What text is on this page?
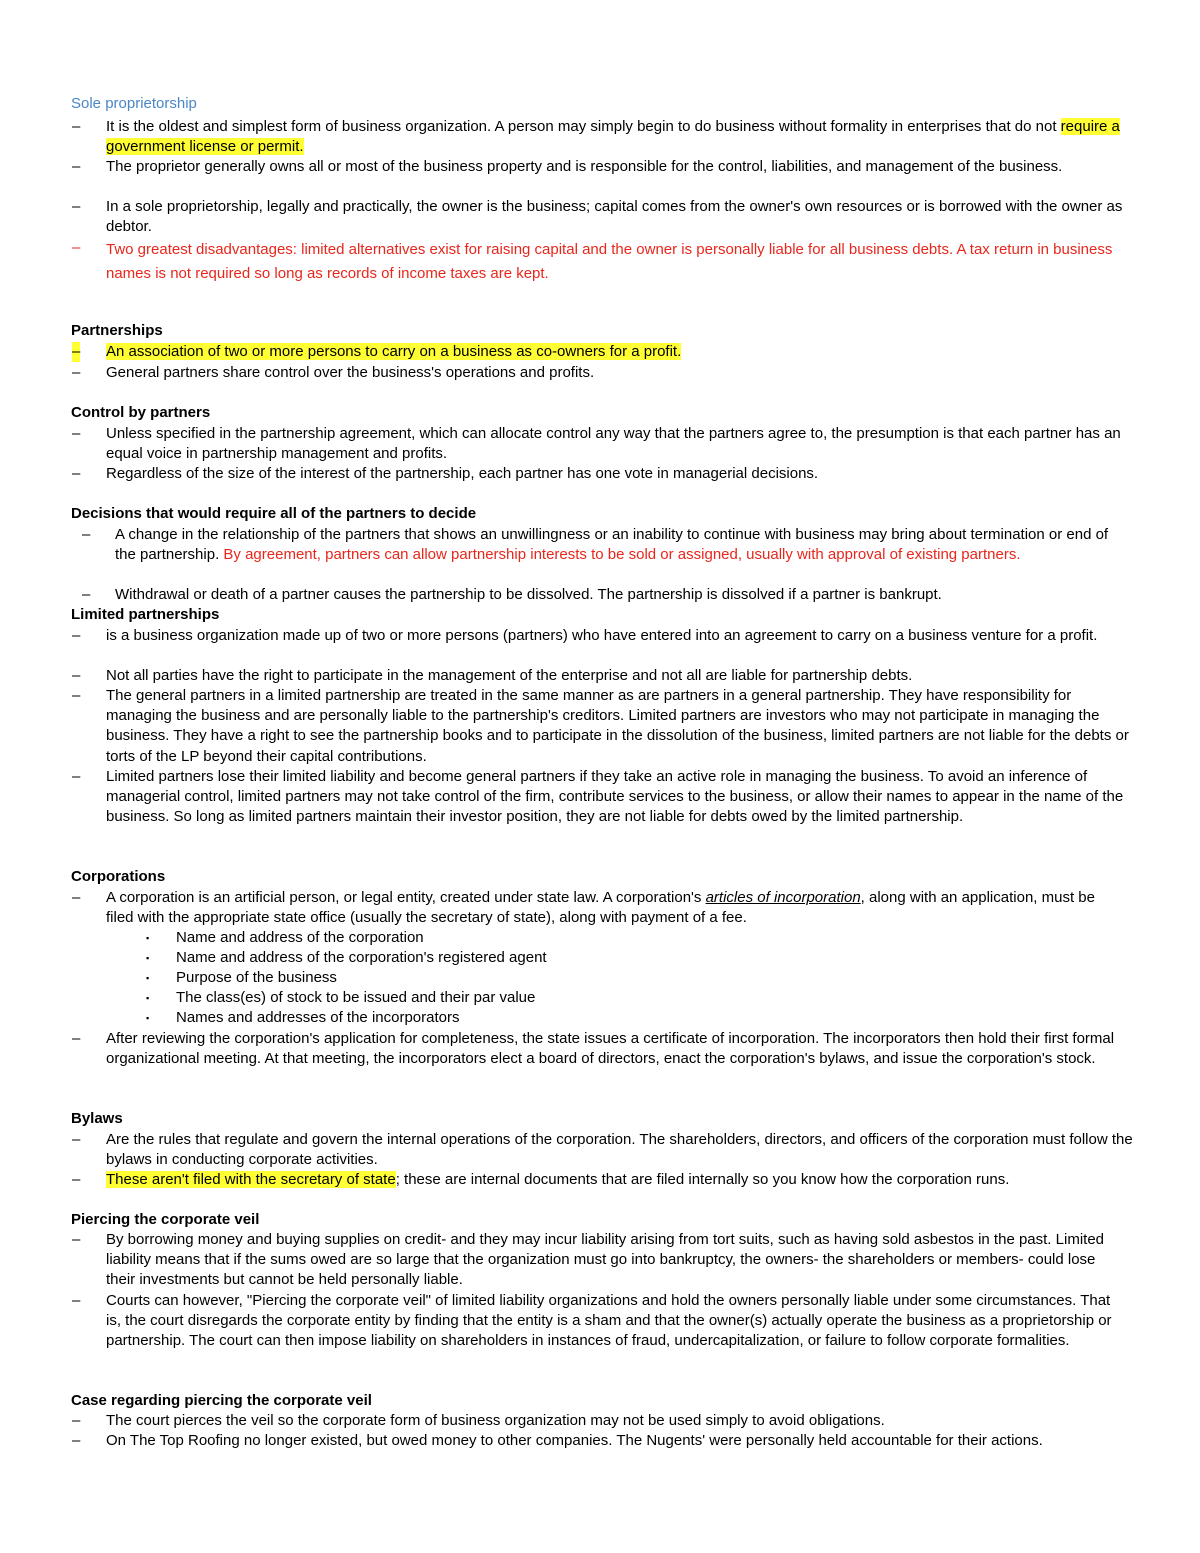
Sole proprietorship
– It is the oldest and simplest form of business organization. A person may simply begin to do business without formality in enterprises that do not require a government license or permit.
– The proprietor generally owns all or most of the business property and is responsible for the control, liabilities, and management of the business.
– In a sole proprietorship, legally and practically, the owner is the business; capital comes from the owner's own resources or is borrowed with the owner as debtor.
– Two greatest disadvantages: limited alternatives exist for raising capital and the owner is personally liable for all business debts. A tax return in business names is not required so long as records of income taxes are kept.
Partnerships
– An association of two or more persons to carry on a business as co-owners for a profit.
– General partners share control over the business's operations and profits.
Control by partners
– Unless specified in the partnership agreement, which can allocate control any way that the partners agree to, the presumption is that each partner has an equal voice in partnership management and profits.
– Regardless of the size of the interest of the partnership, each partner has one vote in managerial decisions.
Decisions that would require all of the partners to decide
– A change in the relationship of the partners that shows an unwillingness or an inability to continue with business may bring about termination or end of the partnership. By agreement, partners can allow partnership interests to be sold or assigned, usually with approval of existing partners.
– Withdrawal or death of a partner causes the partnership to be dissolved. The partnership is dissolved if a partner is bankrupt.
Limited partnerships
– is a business organization made up of two or more persons (partners) who have entered into an agreement to carry on a business venture for a profit.
– Not all parties have the right to participate in the management of the enterprise and not all are liable for partnership debts.
– The general partners in a limited partnership are treated in the same manner as are partners in a general partnership. They have responsibility for managing the business and are personally liable to the partnership's creditors. Limited partners are investors who may not participate in managing the business. They have a right to see the partnership books and to participate in the dissolution of the business, limited partners are not liable for the debts or torts of the LP beyond their capital contributions.
– Limited partners lose their limited liability and become general partners if they take an active role in managing the business. To avoid an inference of managerial control, limited partners may not take control of the firm, contribute services to the business, or allow their names to appear in the name of the business. So long as limited partners maintain their investor position, they are not liable for debts owed by the limited partnership.
Corporations
– A corporation is an artificial person, or legal entity, created under state law. A corporation's articles of incorporation, along with an application, must be filed with the appropriate state office (usually the secretary of state), along with payment of a fee.
▪ Name and address of the corporation
▪ Name and address of the corporation's registered agent
▪ Purpose of the business
▪ The class(es) of stock to be issued and their par value
▪ Names and addresses of the incorporators
– After reviewing the corporation's application for completeness, the state issues a certificate of incorporation. The incorporators then hold their first formal organizational meeting. At that meeting, the incorporators elect a board of directors, enact the corporation's bylaws, and issue the corporation's stock.
Bylaws
– Are the rules that regulate and govern the internal operations of the corporation. The shareholders, directors, and officers of the corporation must follow the bylaws in conducting corporate activities.
– These aren't filed with the secretary of state; these are internal documents that are filed internally so you know how the corporation runs.
Piercing the corporate veil
– By borrowing money and buying supplies on credit- and they may incur liability arising from tort suits, such as having sold asbestos in the past. Limited liability means that if the sums owed are so large that the organization must go into bankruptcy, the owners- the shareholders or members- could lose their investments but cannot be held personally liable.
– Courts can however, "Piercing the corporate veil" of limited liability organizations and hold the owners personally liable under some circumstances. That is, the court disregards the corporate entity by finding that the entity is a sham and that the owner(s) actually operate the business as a proprietorship or partnership. The court can then impose liability on shareholders in instances of fraud, undercapitalization, or failure to follow corporate formalities.
Case regarding piercing the corporate veil
– The court pierces the veil so the corporate form of business organization may not be used simply to avoid obligations.
– On The Top Roofing no longer existed, but owed money to other companies. The Nugents' were personally held accountable for their actions.
